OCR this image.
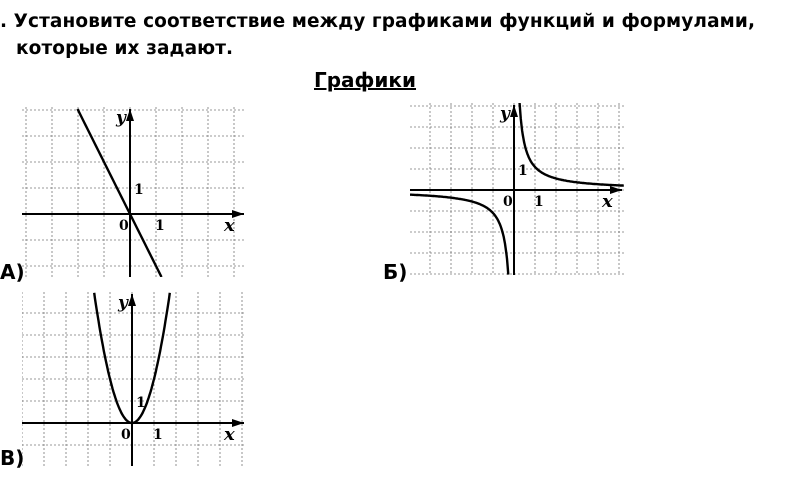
. Установите соответствие между графиками функций и формулами,
которые их задают.
Графики
x
y
0 1
1
А)
x
y
0 1
1
Б)
x
y
0 1
1
В)
